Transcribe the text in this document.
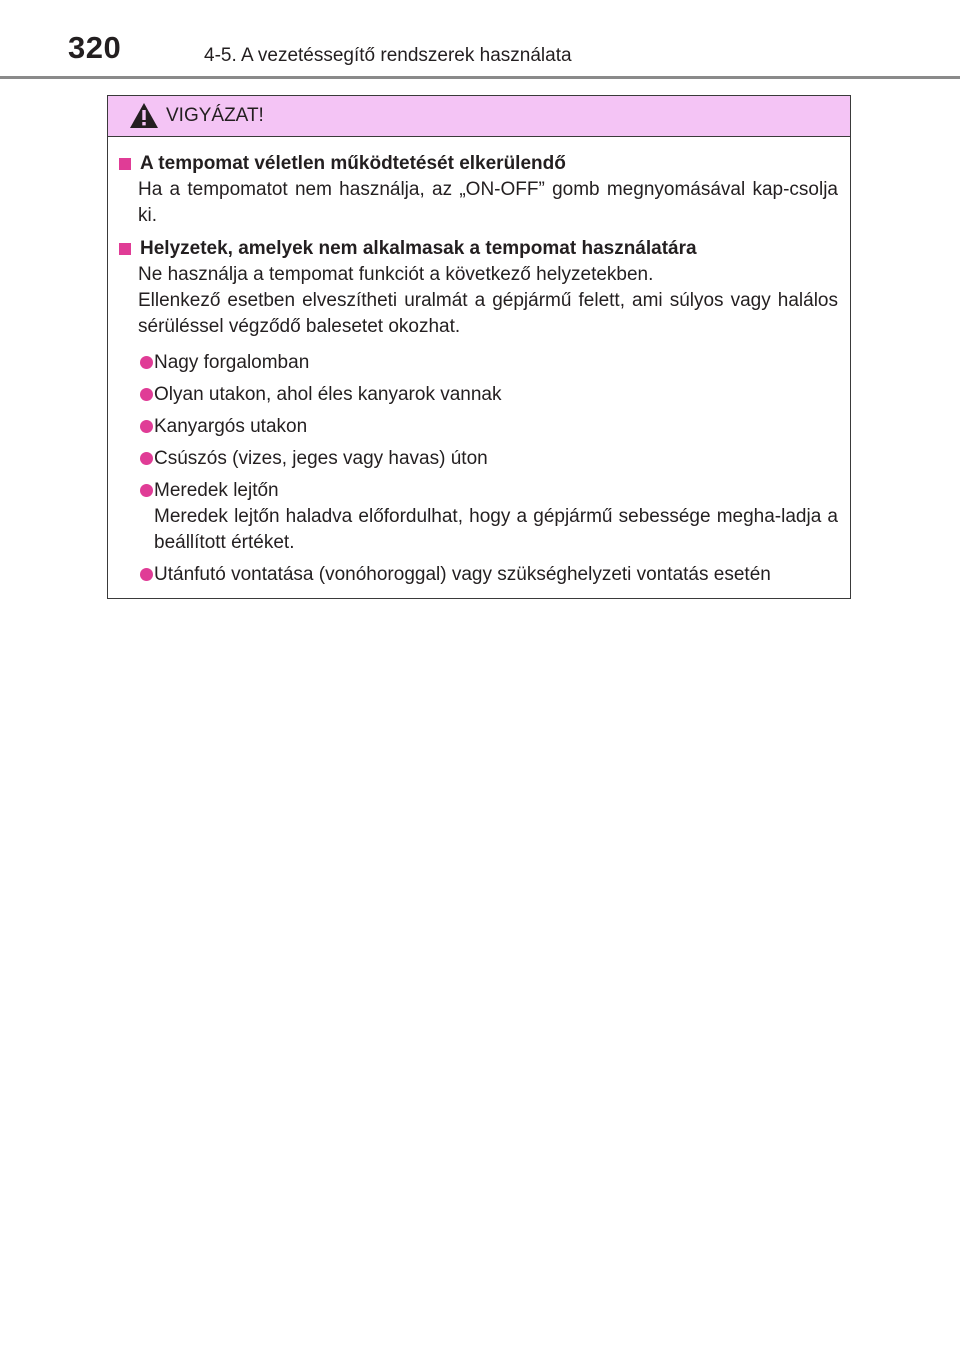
320	4-5. A vezetéssegítő rendszerek használata
VIGYÁZAT!
A tempomat véletlen működtetését elkerülendő
Ha a tempomatot nem használja, az „ON-OFF” gomb megnyomásával kap-csolja ki.
Helyzetek, amelyek nem alkalmasak a tempomat használatára
Ne használja a tempomat funkciót a következő helyzetekben.
Ellenkező esetben elveszítheti uralmát a gépjármű felett, ami súlyos vagy halálos sérüléssel végződő balesetet okozhat.
Nagy forgalomban
Olyan utakon, ahol éles kanyarok vannak
Kanyargós utakon
Csúszós (vizes, jeges vagy havas) úton
Meredek lejtőn
Meredek lejtőn haladva előfordulhat, hogy a gépjármű sebessége megha-ladja a beállított értéket.
Utánfutó vontatása (vonóhoroggal) vagy szükséghelyzeti vontatás esetén
